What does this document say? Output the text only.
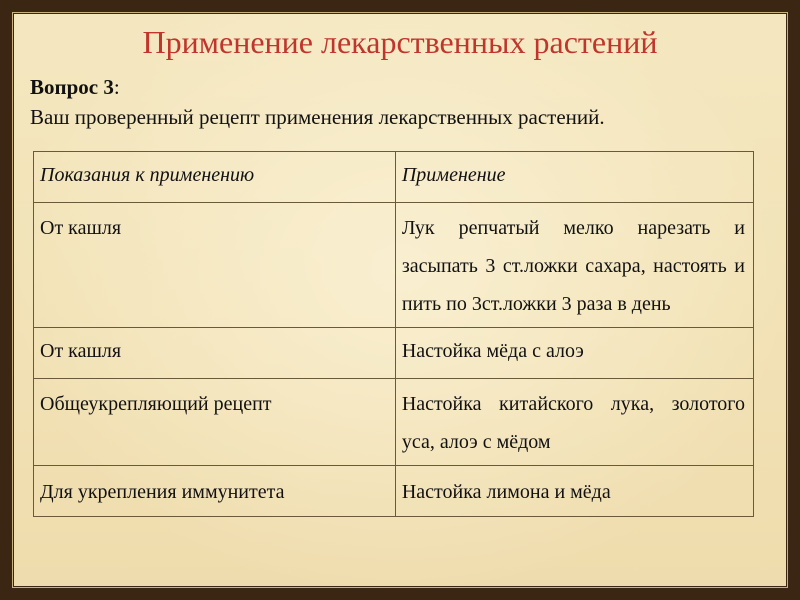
Применение лекарственных растений
Вопрос 3:
Ваш проверенный рецепт применения лекарственных растений.
Показания к применению	Применение
От кашля	Лук репчатый мелко нарезать и засыпать 3 ст.ложки сахара, настоять и пить по 3ст.ложки 3 раза в день
От кашля	Настойка мёда с алоэ
Общеукрепляющий рецепт	Настойка китайского лука, золотого уса, алоэ с мёдом
Для укрепления иммунитета	Настойка лимона и мёда
